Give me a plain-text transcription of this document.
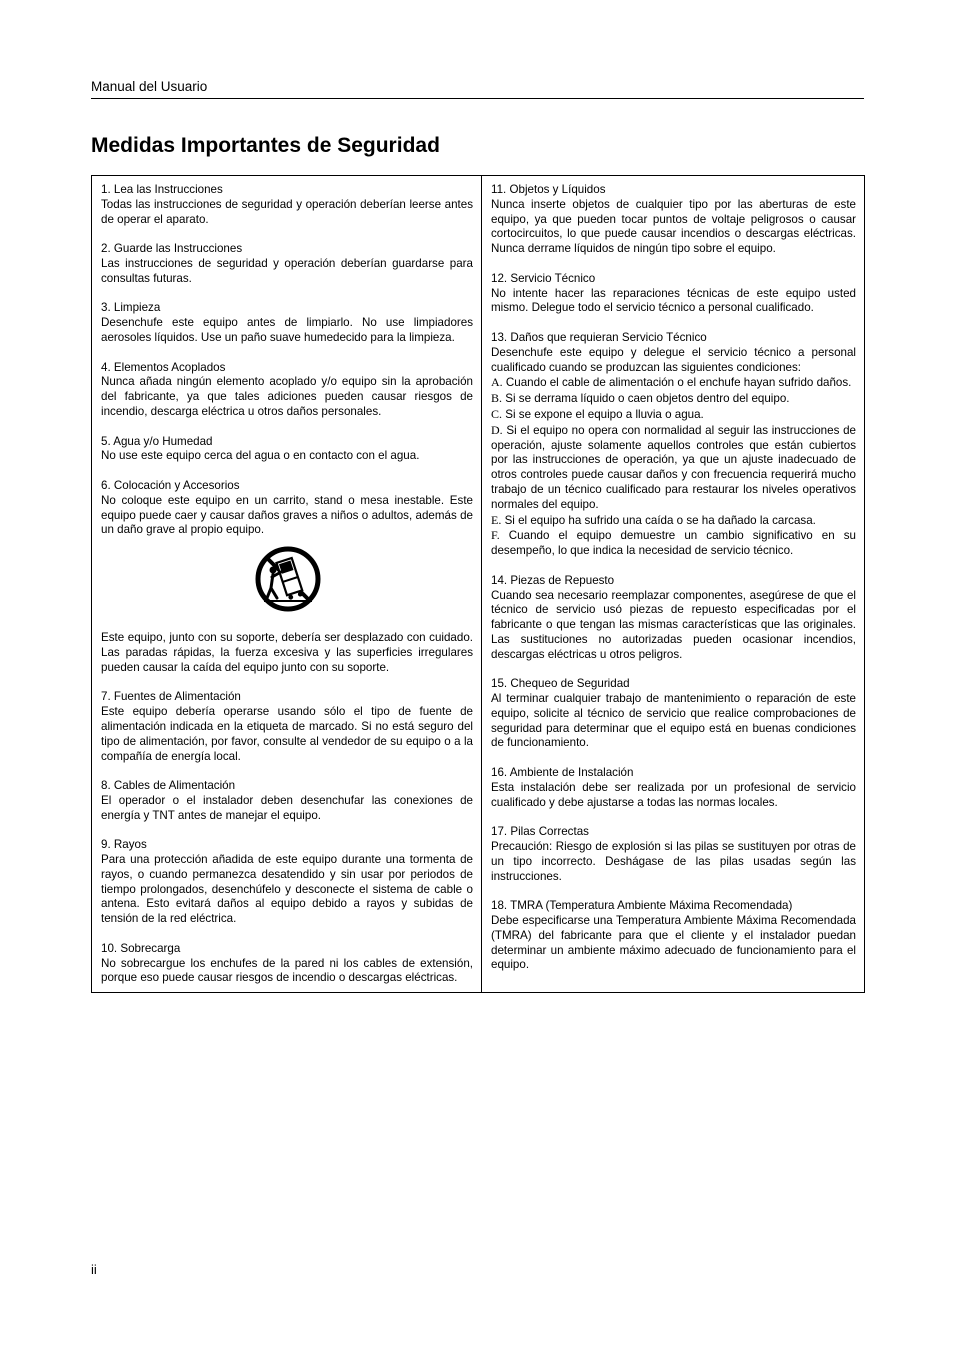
Manual del Usuario
Medidas Importantes de Seguridad
1. Lea las Instrucciones
Todas las instrucciones de seguridad y operación deberían leerse antes de operar el aparato.
2. Guarde las Instrucciones
Las instrucciones de seguridad y operación deberían guardarse para consultas futuras.
3. Limpieza
Desenchufe este equipo antes de limpiarlo. No use limpiadores aerosoles líquidos. Use un paño suave humedecido para la limpieza.
4. Elementos Acoplados
Nunca añada ningún elemento acoplado y/o equipo sin la aprobación del fabricante, ya que tales adiciones pueden causar riesgos de incendio, descarga eléctrica u otros daños personales.
5. Agua y/o Humedad
No use este equipo cerca del agua o en contacto con el agua.
6. Colocación y Accesorios
No coloque este equipo en un carrito, stand o mesa inestable. Este equipo puede caer y causar daños graves a niños o adultos, además de un daño grave al propio equipo.
Este equipo, junto con su soporte, debería ser desplazado con cuidado. Las paradas rápidas, la fuerza excesiva y las superficies irregulares pueden causar la caída del equipo junto con su soporte.
7. Fuentes de Alimentación
Este equipo debería operarse usando sólo el tipo de fuente de alimentación indicada en la etiqueta de marcado. Si no está seguro del tipo de alimentación, por favor, consulte al vendedor de su equipo o a la compañía de energía local.
8. Cables de Alimentación
El operador o el instalador deben desenchufar las conexiones de energía y TNT antes de manejar el equipo.
9. Rayos
Para una protección añadida de este equipo durante una tormenta de rayos, o cuando permanezca desatendido y sin usar por periodos de tiempo prolongados, desenchúfelo y desconecte el sistema de cable o antena. Esto evitará daños al equipo debido a rayos y subidas de tensión de la red eléctrica.
10. Sobrecarga
No sobrecargue los enchufes de la pared ni los cables de extensión, porque eso puede causar riesgos de incendio o descargas eléctricas.
11. Objetos y Líquidos
Nunca inserte objetos de cualquier tipo por las aberturas de este equipo, ya que pueden tocar puntos de voltaje peligrosos o causar cortocircuitos, lo que puede causar incendios o descargas eléctricas. Nunca derrame líquidos de ningún tipo sobre el equipo.
12. Servicio Técnico
No intente hacer las reparaciones técnicas de este equipo usted mismo. Delegue todo el servicio técnico a personal cualificado.
13. Daños que requieran Servicio Técnico
Desenchufe este equipo y delegue el servicio técnico a personal cualificado cuando se produzcan las siguientes condiciones:
A. Cuando el cable de alimentación o el enchufe hayan sufrido daños.
B. Si se derrama líquido o caen objetos dentro del equipo.
C. Si se expone el equipo a lluvia o agua.
D. Si el equipo no opera con normalidad al seguir las instrucciones de operación, ajuste solamente aquellos controles que están cubiertos por las instrucciones de operación, ya que un ajuste inadecuado de otros controles puede causar daños y con frecuencia requerirá mucho trabajo de un técnico cualificado para restaurar los niveles operativos normales del equipo.
E. Si el equipo ha sufrido una caída o se ha dañado la carcasa.
F. Cuando el equipo demuestre un cambio significativo en su desempeño, lo que indica la necesidad de servicio técnico.
14. Piezas de Repuesto
Cuando sea necesario reemplazar componentes, asegúrese de que el técnico de servicio usó piezas de repuesto especificadas por el fabricante o que tengan las mismas características que las originales. Las sustituciones no autorizadas pueden ocasionar incendios, descargas eléctricas u otros peligros.
15. Chequeo de Seguridad
Al terminar cualquier trabajo de mantenimiento o reparación de este equipo, solicite al técnico de servicio que realice comprobaciones de seguridad para determinar que el equipo está en buenas condiciones de funcionamiento.
16. Ambiente de Instalación
Esta instalación debe ser realizada por un profesional de servicio cualificado y debe ajustarse a todas las normas locales.
17. Pilas Correctas
Precaución: Riesgo de explosión si las pilas se sustituyen por otras de un tipo incorrecto. Deshágase de las pilas usadas según las instrucciones.
18. TMRA (Temperatura Ambiente Máxima Recomendada)
Debe especificarse una Temperatura Ambiente Máxima Recomendada (TMRA) del fabricante para que el cliente y el instalador puedan determinar un ambiente máximo adecuado de funcionamiento para el equipo.
ii
